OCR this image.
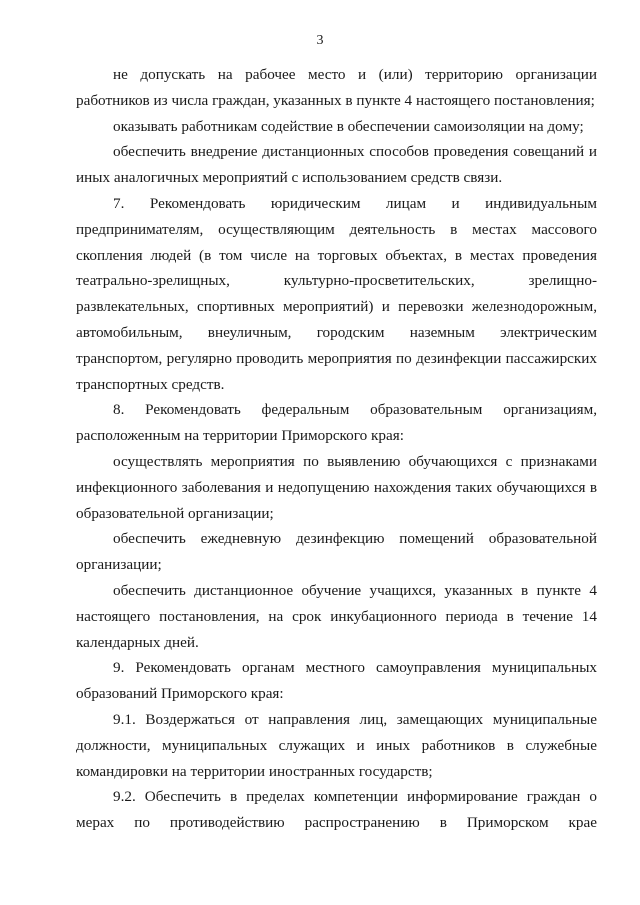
3

не допускать на рабочее место и (или) территорию организации работников из числа граждан, указанных в пункте 4 настоящего постановления;

оказывать работникам содействие в обеспечении самоизоляции на дому;

обеспечить внедрение дистанционных способов проведения совещаний и иных аналогичных мероприятий с использованием средств связи.

7. Рекомендовать юридическим лицам и индивидуальным предпринимателям, осуществляющим деятельность в местах массового скопления людей (в том числе на торговых объектах, в местах проведения театрально-зрелищных, культурно-просветительских, зрелищно-развлекательных, спортивных мероприятий) и перевозки железнодорожным, автомобильным, внеуличным, городским наземным электрическим транспортом, регулярно проводить мероприятия по дезинфекции пассажирских транспортных средств.

8. Рекомендовать федеральным образовательным организациям, расположенным на территории Приморского края:

осуществлять мероприятия по выявлению обучающихся с признаками инфекционного заболевания и недопущению нахождения таких обучающихся в образовательной организации;

обеспечить ежедневную дезинфекцию помещений образовательной организации;

обеспечить дистанционное обучение учащихся, указанных в пункте 4 настоящего постановления, на срок инкубационного периода в течение 14 календарных дней.

9. Рекомендовать органам местного самоуправления муниципальных образований Приморского края:

9.1. Воздержаться от направления лиц, замещающих муниципальные должности, муниципальных служащих и иных работников в служебные командировки на территории иностранных государств;

9.2. Обеспечить в пределах компетенции информирование граждан о мерах по противодействию распространению в Приморском крае
